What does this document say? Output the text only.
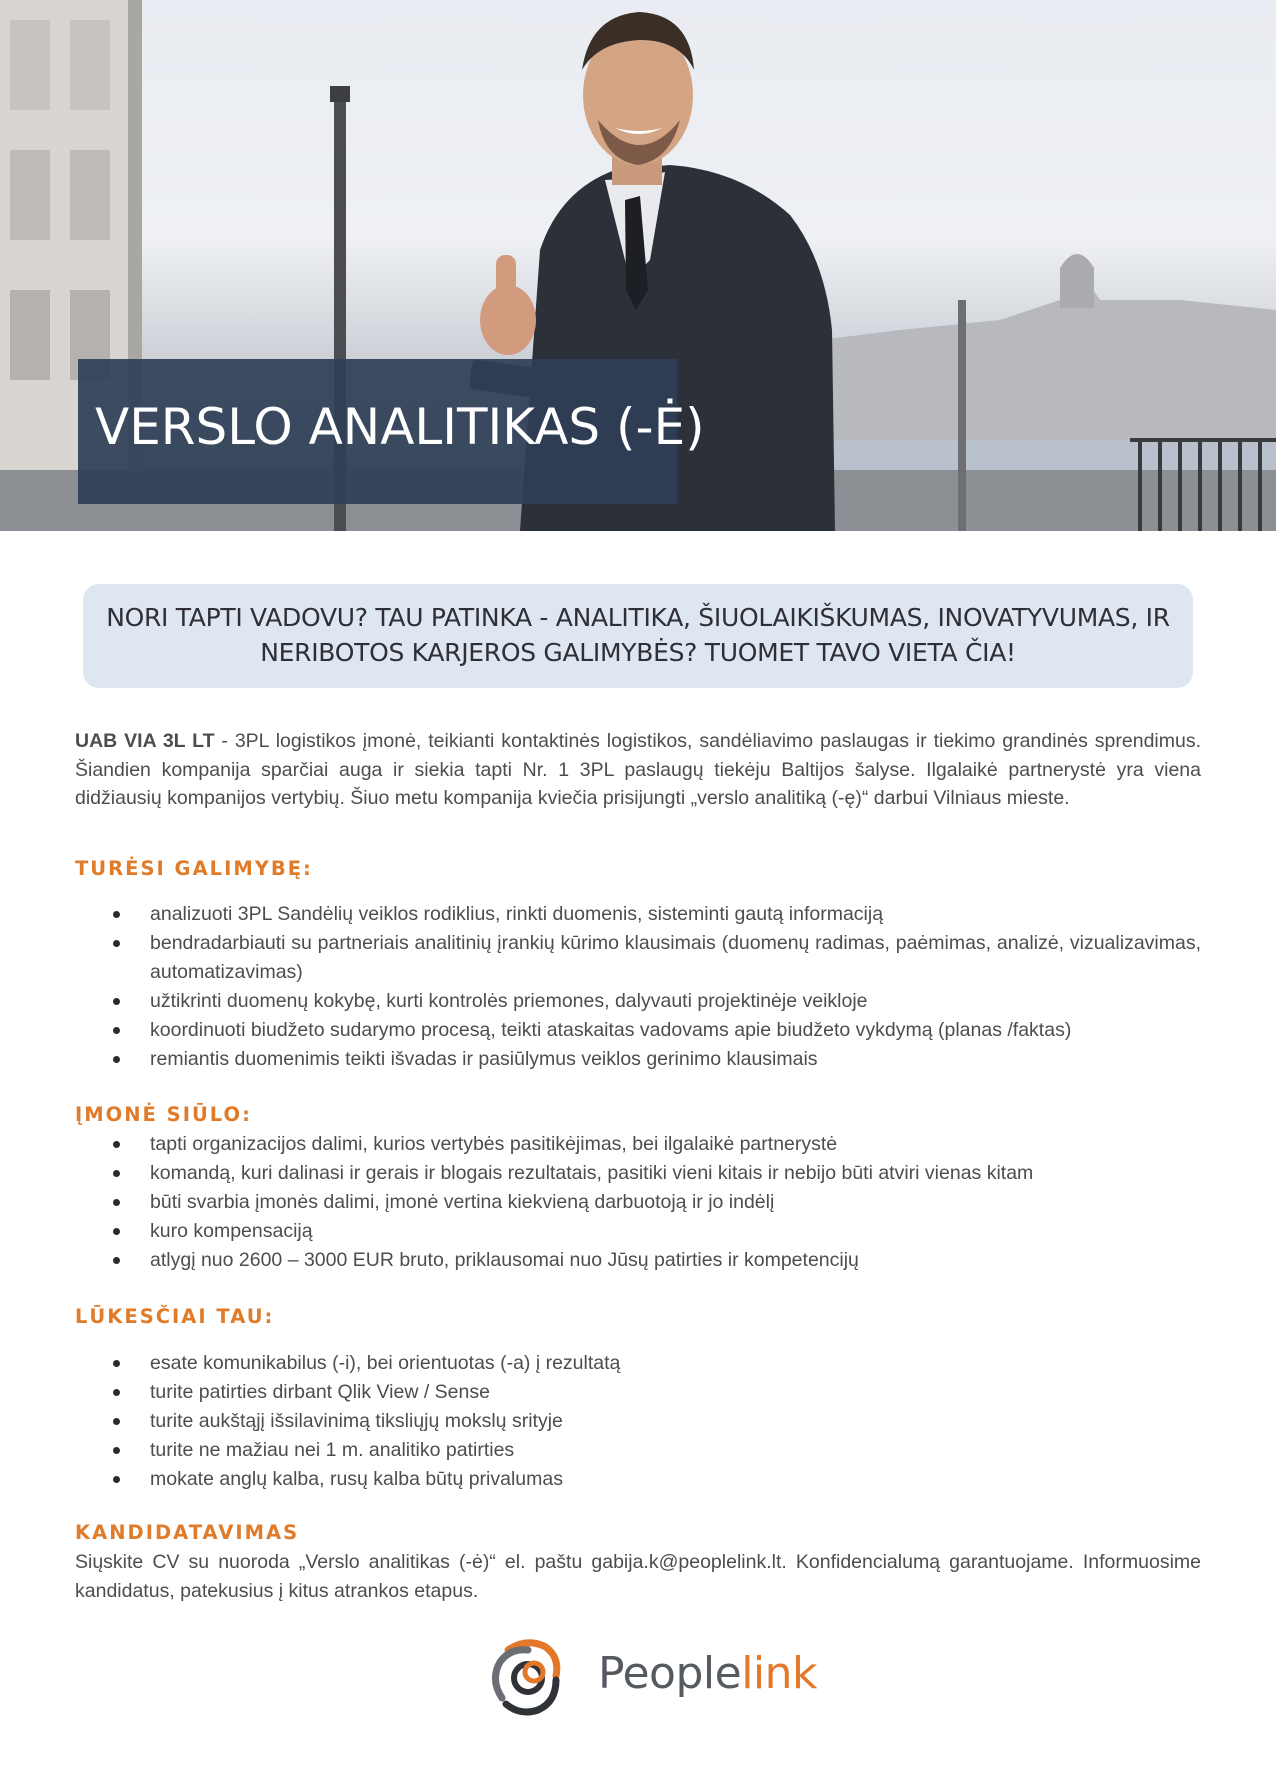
VERSLO ANALITIKAS (-Ė)
NORI TAPTI VADOVU? TAU PATINKA - ANALITIKA, ŠIUOLAIKIŠKUMAS, INOVATYVUMAS, IR
NERIBOTOS KARJEROS GALIMYBĖS? TUOMET TAVO VIETA ČIA!

UAB VIA 3L LT - 3PL logistikos įmonė, teikianti kontaktinės logistikos, sandėliavimo paslaugas ir tiekimo grandinės sprendimus. Šiandien kompanija sparčiai auga ir siekia tapti Nr. 1 3PL paslaugų tiekėju Baltijos šalyse. Ilgalaikė partnerystė yra viena didžiausių kompanijos vertybių. Šiuo metu kompanija kviečia prisijungti „verslo analitiką (-ę)“ darbui Vilniaus mieste.

TURĖSI GALIMYBĘ:
analizuoti 3PL Sandėlių veiklos rodiklius, rinkti duomenis, sisteminti gautą informaciją
bendradarbiauti su partneriais analitinių įrankių kūrimo klausimais (duomenų radimas, paėmimas, analizė, vizualizavimas, automatizavimas)
užtikrinti duomenų kokybę, kurti kontrolės priemones, dalyvauti projektinėje veikloje
koordinuoti biudžeto sudarymo procesą, teikti ataskaitas vadovams apie biudžeto vykdymą (planas /faktas)
remiantis duomenimis teikti išvadas ir pasiūlymus veiklos gerinimo klausimais
ĮMONĖ SIŪLO:
tapti organizacijos dalimi, kurios vertybės pasitikėjimas, bei ilgalaikė partnerystė
komandą, kuri dalinasi ir gerais ir blogais rezultatais, pasitiki vieni kitais ir nebijo būti atviri vienas kitam
būti svarbia įmonės dalimi, įmonė vertina kiekvieną darbuotoją ir jo indėlį
kuro kompensaciją
atlygį nuo 2600 – 3000 EUR bruto, priklausomai nuo Jūsų patirties ir kompetencijų
LŪKESČIAI TAU:
esate komunikabilus (-i), bei orientuotas (-a) į rezultatą
turite patirties dirbant Qlik View / Sense
turite aukštąjį išsilavinimą tiksliųjų mokslų srityje
turite ne mažiau nei 1 m. analitiko patirties
mokate anglų kalba, rusų kalba būtų privalumas
KANDIDATAVIMAS

Siųskite CV su nuoroda „Verslo analitikas (-ė)“ el. paštu gabija.k@peoplelink.lt. Konfidencialumą garantuojame. Informuosime kandidatus, patekusius į kitus atrankos etapus.

Peoplelink
